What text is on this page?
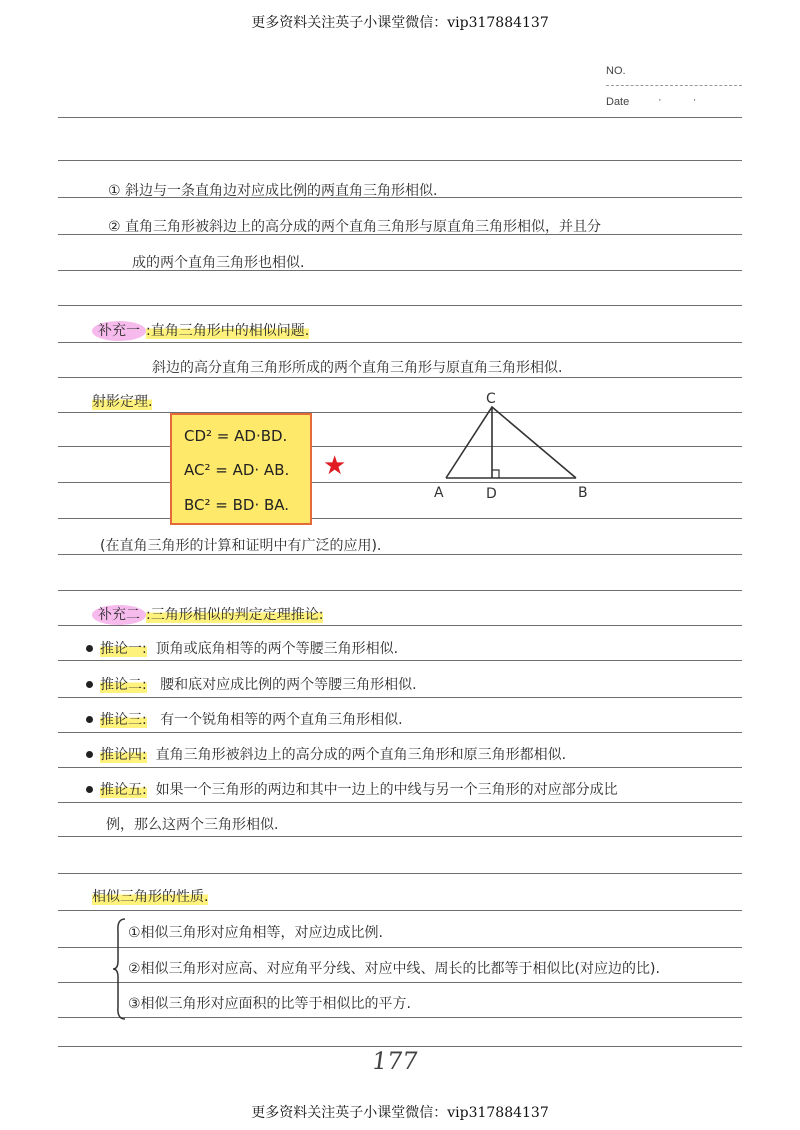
更多资料关注英子小课堂微信：vip317884137
NO.
Date	· ·
① 斜边与一条直角边对应成比例的两直角三角形相似.
② 直角三角形被斜边上的高分成的两个直角三角形与原直角三角形相似，并且分
成的两个直角三角形也相似.
补充一 :直角三角形中的相似问题.
斜边的高分直角三角形所成的两个直角三角形与原直角三角形相似.
射影定理.
CD² = AD·BD.
AC² = AD· AB.
BC² = BD· BA.
★
C
A	D	B
(在直角三角形的计算和证明中有广泛的应用).
补充二 :三角形相似的判定定理推论:
推论一: 顶角或底角相等的两个等腰三角形相似.
推论二: 腰和底对应成比例的两个等腰三角形相似.
推论三: 有一个锐角相等的两个直角三角形相似.
推论四: 直角三角形被斜边上的高分成的两个直角三角形和原三角形都相似.
推论五: 如果一个三角形的两边和其中一边上的中线与另一个三角形的对应部分成比
例，那么这两个三角形相似.
相似三角形的性质.
①相似三角形对应角相等，对应边成比例.
②相似三角形对应高、对应角平分线、对应中线、周长的比都等于相似比(对应边的比).
③相似三角形对应面积的比等于相似比的平方.
177
更多资料关注英子小课堂微信：vip317884137
